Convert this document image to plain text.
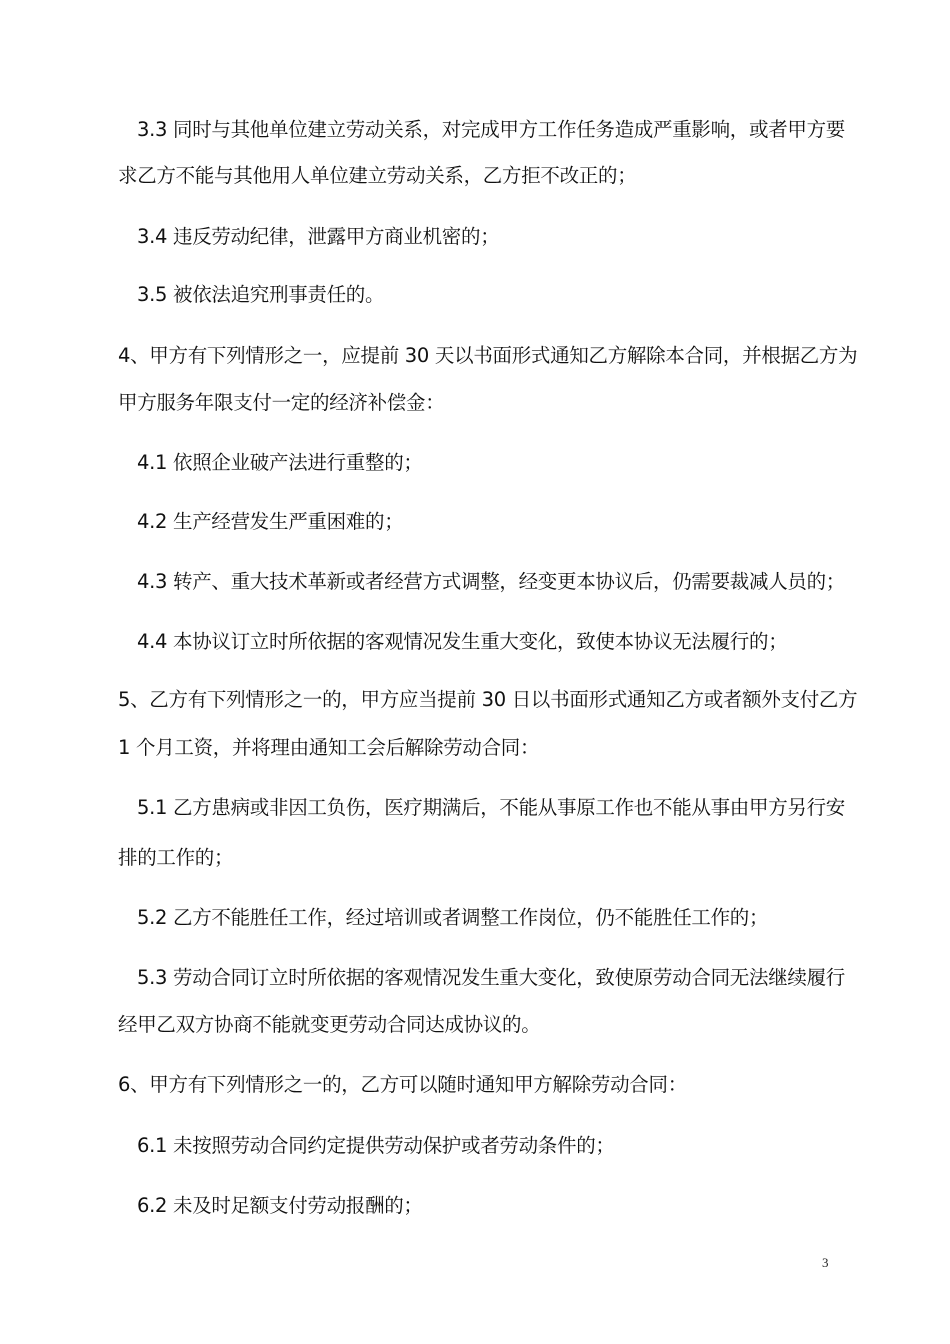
3.3 同时与其他单位建立劳动关系，对完成甲方工作任务造成严重影响，或者甲方要
求乙方不能与其他用人单位建立劳动关系，乙方拒不改正的；
3.4 违反劳动纪律，泄露甲方商业机密的；
3.5 被依法追究刑事责任的。
4、甲方有下列情形之一，应提前 30 天以书面形式通知乙方解除本合同，并根据乙方为
甲方服务年限支付一定的经济补偿金：
4.1 依照企业破产法进行重整的；
4.2 生产经营发生严重困难的；
4.3 转产、重大技术革新或者经营方式调整，经变更本协议后，仍需要裁减人员的；
4.4 本协议订立时所依据的客观情况发生重大变化，致使本协议无法履行的；
5、乙方有下列情形之一的，甲方应当提前 30 日以书面形式通知乙方或者额外支付乙方
1 个月工资，并将理由通知工会后解除劳动合同：
5.1 乙方患病或非因工负伤，医疗期满后，不能从事原工作也不能从事由甲方另行安
排的工作的；
5.2 乙方不能胜任工作，经过培训或者调整工作岗位，仍不能胜任工作的；
5.3 劳动合同订立时所依据的客观情况发生重大变化，致使原劳动合同无法继续履行
经甲乙双方协商不能就变更劳动合同达成协议的。
6、甲方有下列情形之一的，乙方可以随时通知甲方解除劳动合同：
6.1 未按照劳动合同约定提供劳动保护或者劳动条件的；
6.2 未及时足额支付劳动报酬的；
3
